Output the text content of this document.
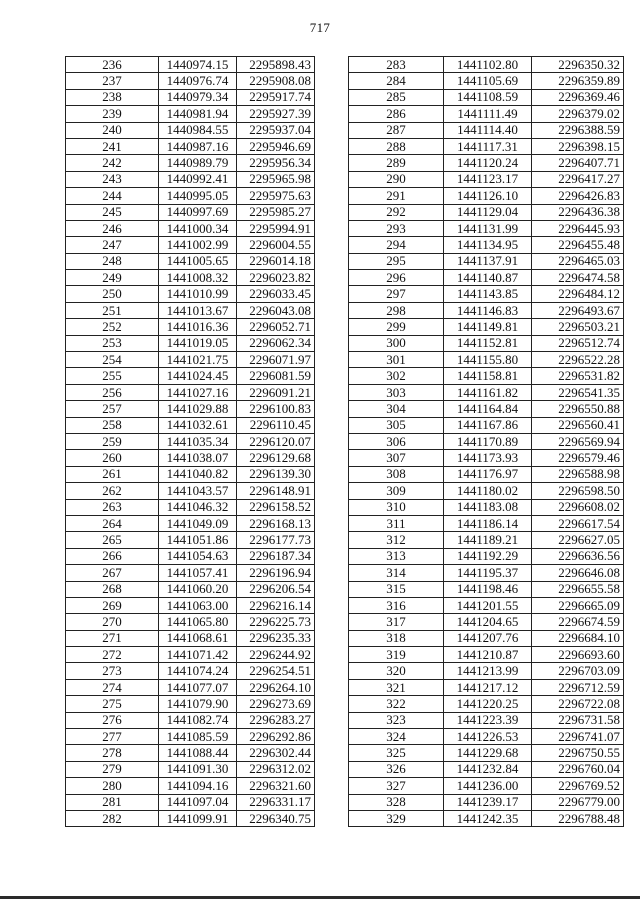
717
236	1440974.15	2295898.43
237	1440976.74	2295908.08
238	1440979.34	2295917.74
239	1440981.94	2295927.39
240	1440984.55	2295937.04
241	1440987.16	2295946.69
242	1440989.79	2295956.34
243	1440992.41	2295965.98
244	1440995.05	2295975.63
245	1440997.69	2295985.27
246	1441000.34	2295994.91
247	1441002.99	2296004.55
248	1441005.65	2296014.18
249	1441008.32	2296023.82
250	1441010.99	2296033.45
251	1441013.67	2296043.08
252	1441016.36	2296052.71
253	1441019.05	2296062.34
254	1441021.75	2296071.97
255	1441024.45	2296081.59
256	1441027.16	2296091.21
257	1441029.88	2296100.83
258	1441032.61	2296110.45
259	1441035.34	2296120.07
260	1441038.07	2296129.68
261	1441040.82	2296139.30
262	1441043.57	2296148.91
263	1441046.32	2296158.52
264	1441049.09	2296168.13
265	1441051.86	2296177.73
266	1441054.63	2296187.34
267	1441057.41	2296196.94
268	1441060.20	2296206.54
269	1441063.00	2296216.14
270	1441065.80	2296225.73
271	1441068.61	2296235.33
272	1441071.42	2296244.92
273	1441074.24	2296254.51
274	1441077.07	2296264.10
275	1441079.90	2296273.69
276	1441082.74	2296283.27
277	1441085.59	2296292.86
278	1441088.44	2296302.44
279	1441091.30	2296312.02
280	1441094.16	2296321.60
281	1441097.04	2296331.17
282	1441099.91	2296340.75
283	1441102.80	2296350.32
284	1441105.69	2296359.89
285	1441108.59	2296369.46
286	1441111.49	2296379.02
287	1441114.40	2296388.59
288	1441117.31	2296398.15
289	1441120.24	2296407.71
290	1441123.17	2296417.27
291	1441126.10	2296426.83
292	1441129.04	2296436.38
293	1441131.99	2296445.93
294	1441134.95	2296455.48
295	1441137.91	2296465.03
296	1441140.87	2296474.58
297	1441143.85	2296484.12
298	1441146.83	2296493.67
299	1441149.81	2296503.21
300	1441152.81	2296512.74
301	1441155.80	2296522.28
302	1441158.81	2296531.82
303	1441161.82	2296541.35
304	1441164.84	2296550.88
305	1441167.86	2296560.41
306	1441170.89	2296569.94
307	1441173.93	2296579.46
308	1441176.97	2296588.98
309	1441180.02	2296598.50
310	1441183.08	2296608.02
311	1441186.14	2296617.54
312	1441189.21	2296627.05
313	1441192.29	2296636.56
314	1441195.37	2296646.08
315	1441198.46	2296655.58
316	1441201.55	2296665.09
317	1441204.65	2296674.59
318	1441207.76	2296684.10
319	1441210.87	2296693.60
320	1441213.99	2296703.09
321	1441217.12	2296712.59
322	1441220.25	2296722.08
323	1441223.39	2296731.58
324	1441226.53	2296741.07
325	1441229.68	2296750.55
326	1441232.84	2296760.04
327	1441236.00	2296769.52
328	1441239.17	2296779.00
329	1441242.35	2296788.48
